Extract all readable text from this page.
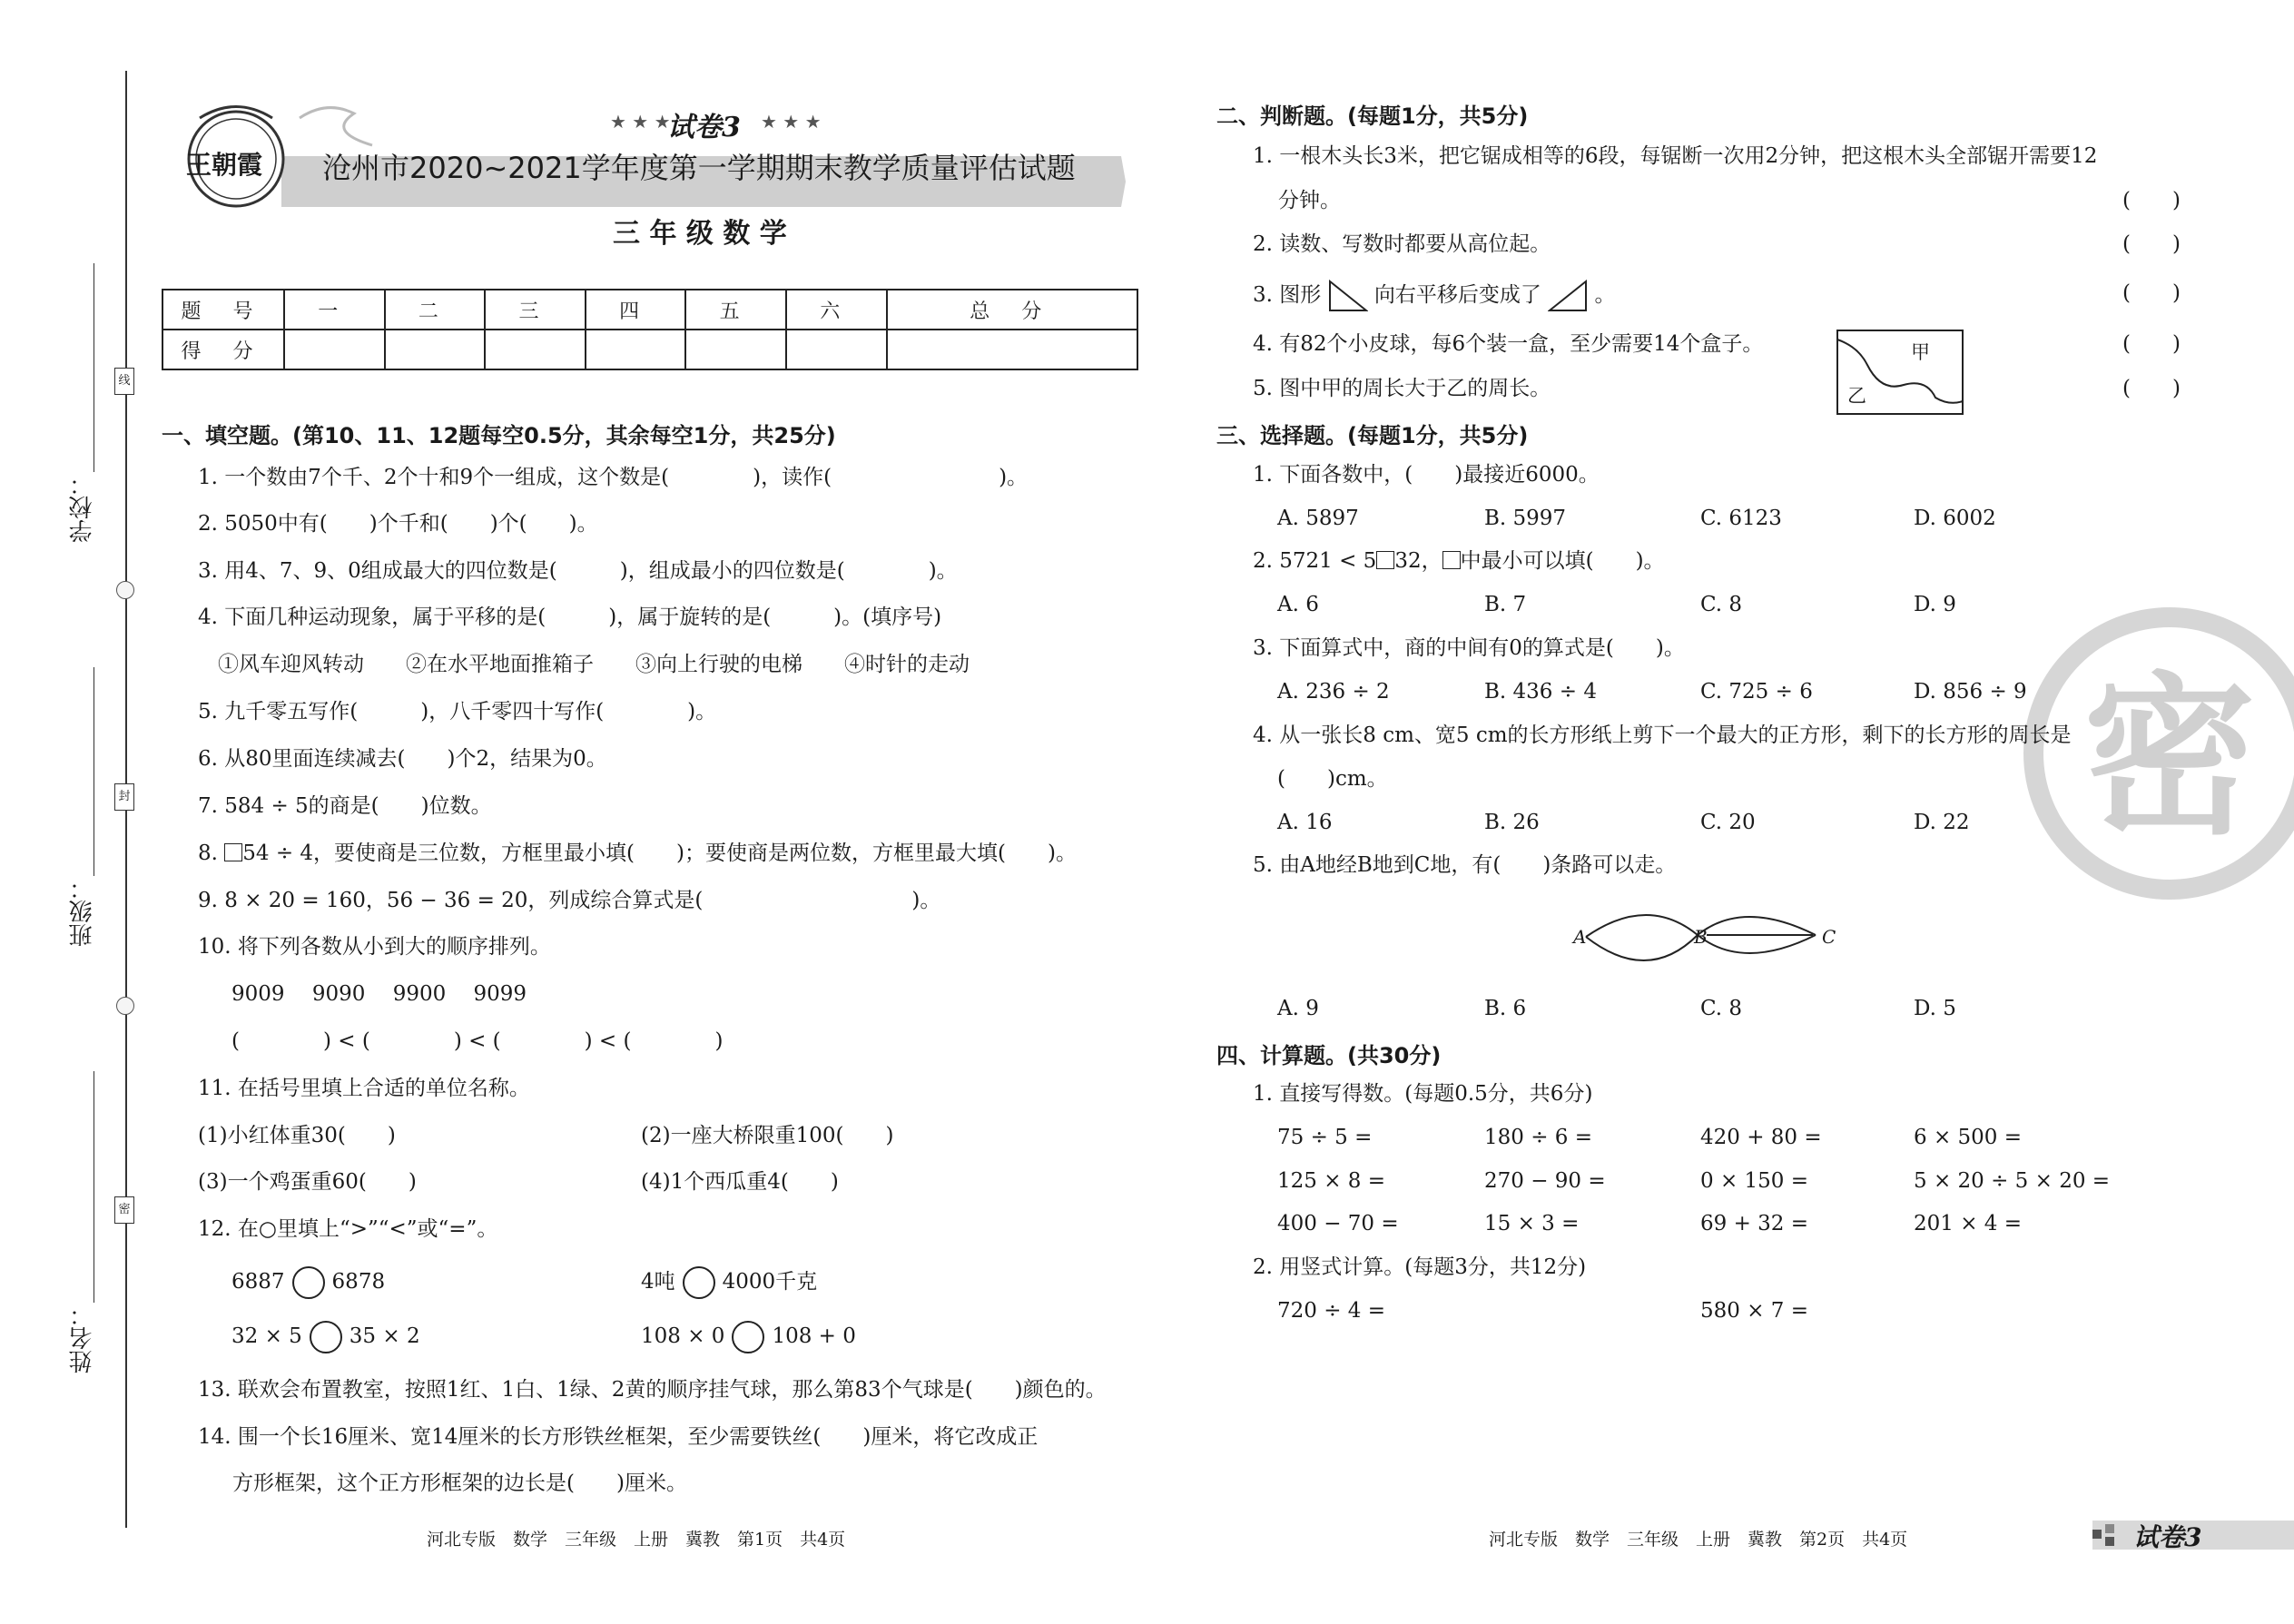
学校：
班级：
姓名：
线
封
密
王朝霞
★ ★ ★
试卷3 ★ ★ ★
沧州市2020~2021学年度第一学期期末教学质量评估试题
三 年 级 数 学
题 号	一	二	三	四	五	六	总 分
得 分							
一、填空题。(第10、11、12题每空0.5分，其余每空1分，共25分)
1. 一个数由7个千、2个十和9个一组成，这个数是(　　　　)，读作(　　　　　　　　)。
2. 5050中有(　　)个千和(　　)个(　　)。
3. 用4、7、9、0组成最大的四位数是(　　　)，组成最小的四位数是(　　　　)。
4. 下面几种运动现象，属于平移的是(　　　)，属于旋转的是(　　　)。(填序号)
①风车迎风转动　　②在水平地面推箱子　　③向上行驶的电梯　　④时针的走动
5. 九千零五写作(　　　)，八千零四十写作(　　　　)。
6. 从80里面连续减去(　　)个2，结果为0。
7. 584 ÷ 5的商是(　　)位数。
8. 54 ÷ 4，要使商是三位数，方框里最小填(　　)；要使商是两位数，方框里最大填(　　)。
9. 8 × 20 = 160，56 − 36 = 20，列成综合算式是(　　　　　　　　　　)。
10. 将下列各数从小到大的顺序排列。
9009　 9090　 9900　 9099
(　　　　) < (　　　　) < (　　　　) < (　　　　)
11. 在括号里填上合适的单位名称。
(1)小红体重30(　　)	(2)一座大桥限重100(　　)
(3)一个鸡蛋重60(　　)	(4)1个西瓜重4(　　)
12. 在○里填上“>”“<”或“=”。
6887 6878	4吨 4000千克
32 × 5 35 × 2	108 × 0 108 + 0
13. 联欢会布置教室，按照1红、1白、1绿、2黄的顺序挂气球，那么第83个气球是(　　)颜色的。
14. 围一个长16厘米、宽14厘米的长方形铁丝框架，至少需要铁丝(　　)厘米，将它改成正
方形框架，这个正方形框架的边长是(　　)厘米。
河北专版　数学　三年级　上册　冀教　第1页　共4页
密
二、判断题。(每题1分，共5分)
1. 一根木头长3米，把它锯成相等的6段，每锯断一次用2分钟，把这根木头全部锯开需要12
分钟。	(　　)
2. 读数、写数时都要从高位起。	(　　)
3. 图形	向右平移后变成了	。	(　　)
4. 有82个小皮球，每6个装一盒，至少需要14个盒子。	(　　)
5. 图中甲的周长大于乙的周长。	(　　)
甲
乙
三、选择题。(每题1分，共5分)
1. 下面各数中，(　　)最接近6000。
A. 5897	B. 5997	C. 6123	D. 6002
2. 5721 < 5 32， 中最小可以填(　　)。
A. 6	B. 7	C. 8	D. 9
3. 下面算式中，商的中间有0的算式是(　　)。
A. 236 ÷ 2	B. 436 ÷ 4	C. 725 ÷ 6	D. 856 ÷ 9
4. 从一张长8 cm、宽5 cm的长方形纸上剪下一个最大的正方形，剩下的长方形的周长是
(　　)cm。
A. 16	B. 26	C. 20	D. 22
5. 由A地经B地到C地，有(　　)条路可以走。
A	B	C
A. 9	B. 6	C. 8	D. 5
四、计算题。(共30分)
1. 直接写得数。(每题0.5分，共6分)
75 ÷ 5 =	180 ÷ 6 =	420 + 80 =	6 × 500 =
125 × 8 =	270 − 90 =	0 × 150 =	5 × 20 ÷ 5 × 20 =
400 − 70 =	15 × 3 =	69 + 32 =	201 × 4 =
2. 用竖式计算。(每题3分，共12分)
720 ÷ 4 =	580 × 7 =
河北专版　数学　三年级　上册　冀教　第2页　共4页	试卷3
